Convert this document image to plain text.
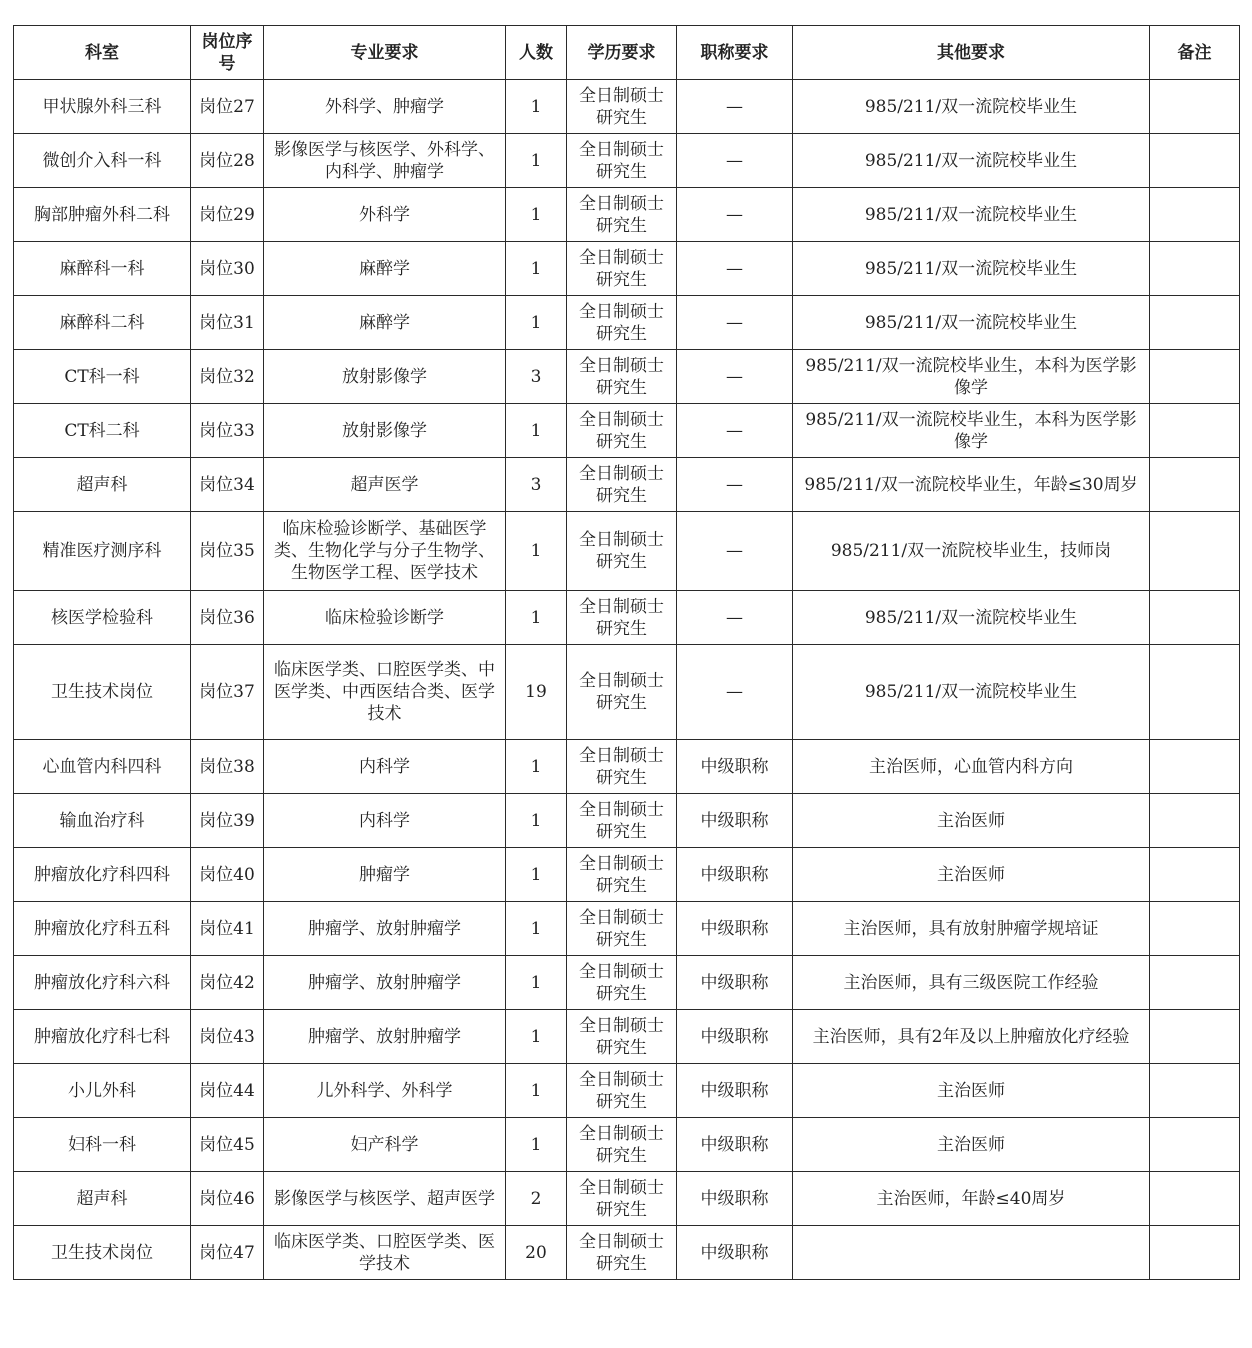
科室	岗位序号	专业要求	人数	学历要求	职称要求	其他要求	备注
甲状腺外科三科	岗位27	外科学、肿瘤学	1	全日制硕士研究生	—	985/211/双一流院校毕业生	
微创介入科一科	岗位28	影像医学与核医学、外科学、内科学、肿瘤学	1	全日制硕士研究生	—	985/211/双一流院校毕业生	
胸部肿瘤外科二科	岗位29	外科学	1	全日制硕士研究生	—	985/211/双一流院校毕业生	
麻醉科一科	岗位30	麻醉学	1	全日制硕士研究生	—	985/211/双一流院校毕业生	
麻醉科二科	岗位31	麻醉学	1	全日制硕士研究生	—	985/211/双一流院校毕业生	
CT科一科	岗位32	放射影像学	3	全日制硕士研究生	—	985/211/双一流院校毕业生，本科为医学影像学	
CT科二科	岗位33	放射影像学	1	全日制硕士研究生	—	985/211/双一流院校毕业生，本科为医学影像学	
超声科	岗位34	超声医学	3	全日制硕士研究生	—	985/211/双一流院校毕业生，年龄≤30周岁	
精准医疗测序科	岗位35	临床检验诊断学、基础医学类、生物化学与分子生物学、生物医学工程、医学技术	1	全日制硕士研究生	—	985/211/双一流院校毕业生，技师岗	
核医学检验科	岗位36	临床检验诊断学	1	全日制硕士研究生	—	985/211/双一流院校毕业生	
卫生技术岗位	岗位37	临床医学类、口腔医学类、中医学类、中西医结合类、医学技术	19	全日制硕士研究生	—	985/211/双一流院校毕业生	
心血管内科四科	岗位38	内科学	1	全日制硕士研究生	中级职称	主治医师，心血管内科方向	
输血治疗科	岗位39	内科学	1	全日制硕士研究生	中级职称	主治医师	
肿瘤放化疗科四科	岗位40	肿瘤学	1	全日制硕士研究生	中级职称	主治医师	
肿瘤放化疗科五科	岗位41	肿瘤学、放射肿瘤学	1	全日制硕士研究生	中级职称	主治医师，具有放射肿瘤学规培证	
肿瘤放化疗科六科	岗位42	肿瘤学、放射肿瘤学	1	全日制硕士研究生	中级职称	主治医师，具有三级医院工作经验	
肿瘤放化疗科七科	岗位43	肿瘤学、放射肿瘤学	1	全日制硕士研究生	中级职称	主治医师，具有2年及以上肿瘤放化疗经验	
小儿外科	岗位44	儿外科学、外科学	1	全日制硕士研究生	中级职称	主治医师	
妇科一科	岗位45	妇产科学	1	全日制硕士研究生	中级职称	主治医师	
超声科	岗位46	影像医学与核医学、超声医学	2	全日制硕士研究生	中级职称	主治医师，年龄≤40周岁	
卫生技术岗位	岗位47	临床医学类、口腔医学类、医学技术	20	全日制硕士研究生	中级职称		
